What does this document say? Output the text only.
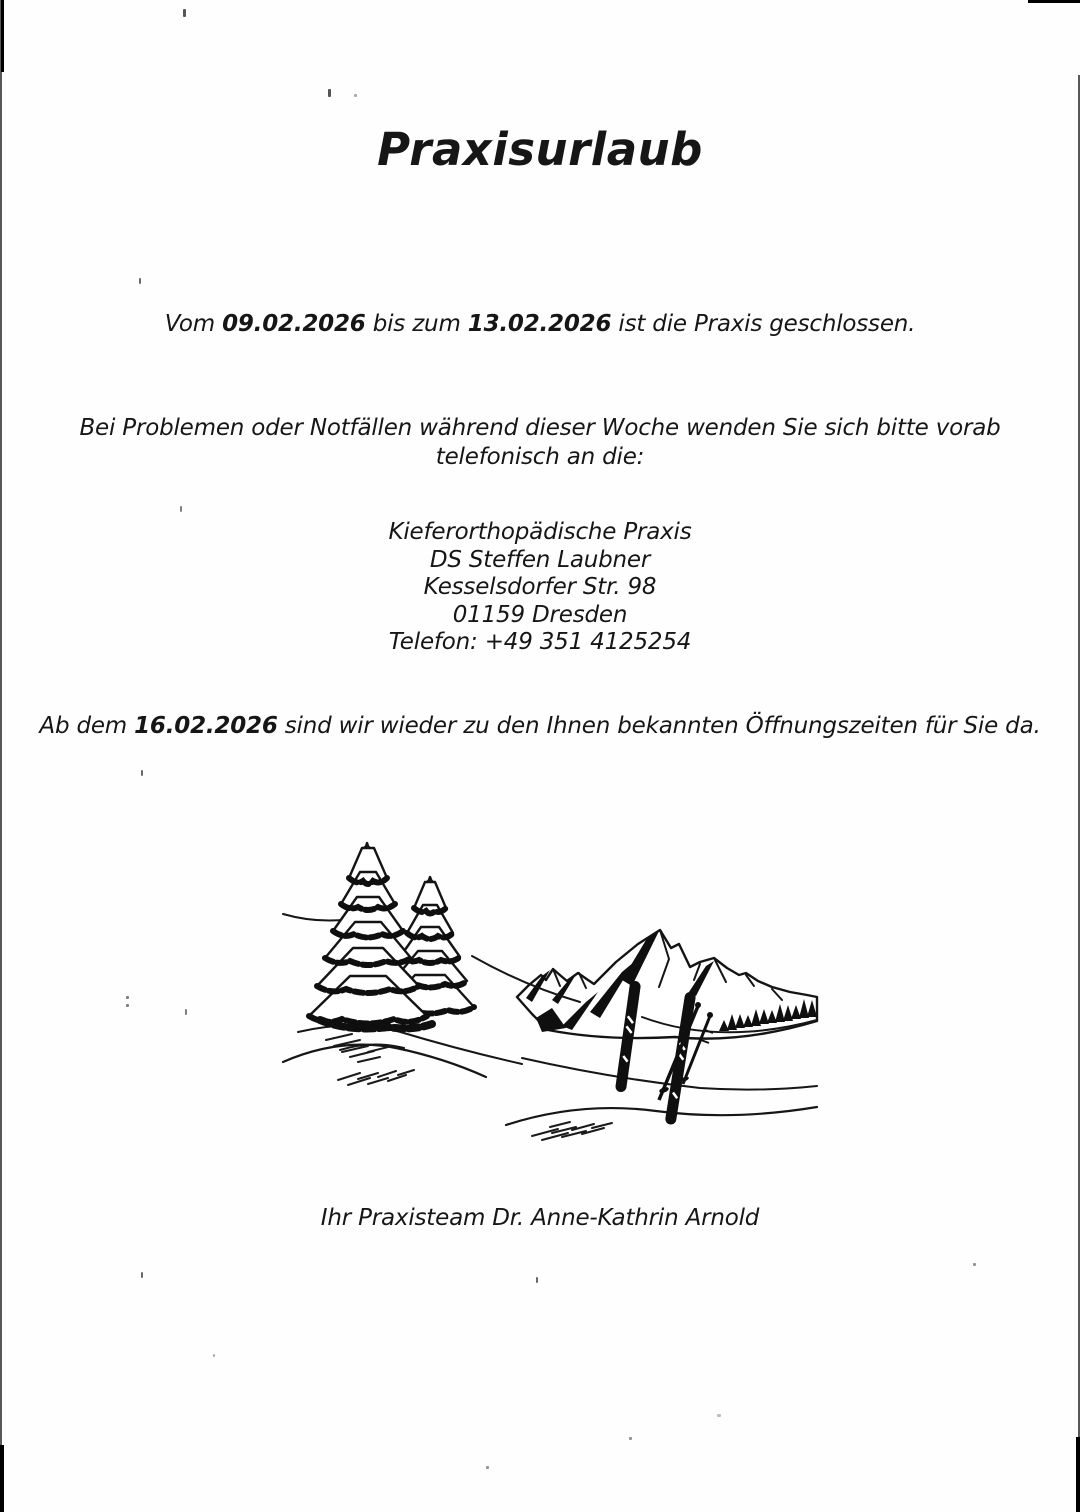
Praxisurlaub

Vom 09.02.2026 bis zum 13.02.2026 ist die Praxis geschlossen.

Bei Problemen oder Notfällen während dieser Woche wenden Sie sich bitte vorab
telefonisch an die:

Kieferorthopädische Praxis
DS Steffen Laubner
Kesselsdorfer Str. 98
01159 Dresden
Telefon: +49 351 4125254

Ab dem 16.02.2026 sind wir wieder zu den Ihnen bekannten Öffnungszeiten für Sie da.

Ihr Praxisteam Dr. Anne-Kathrin Arnold
